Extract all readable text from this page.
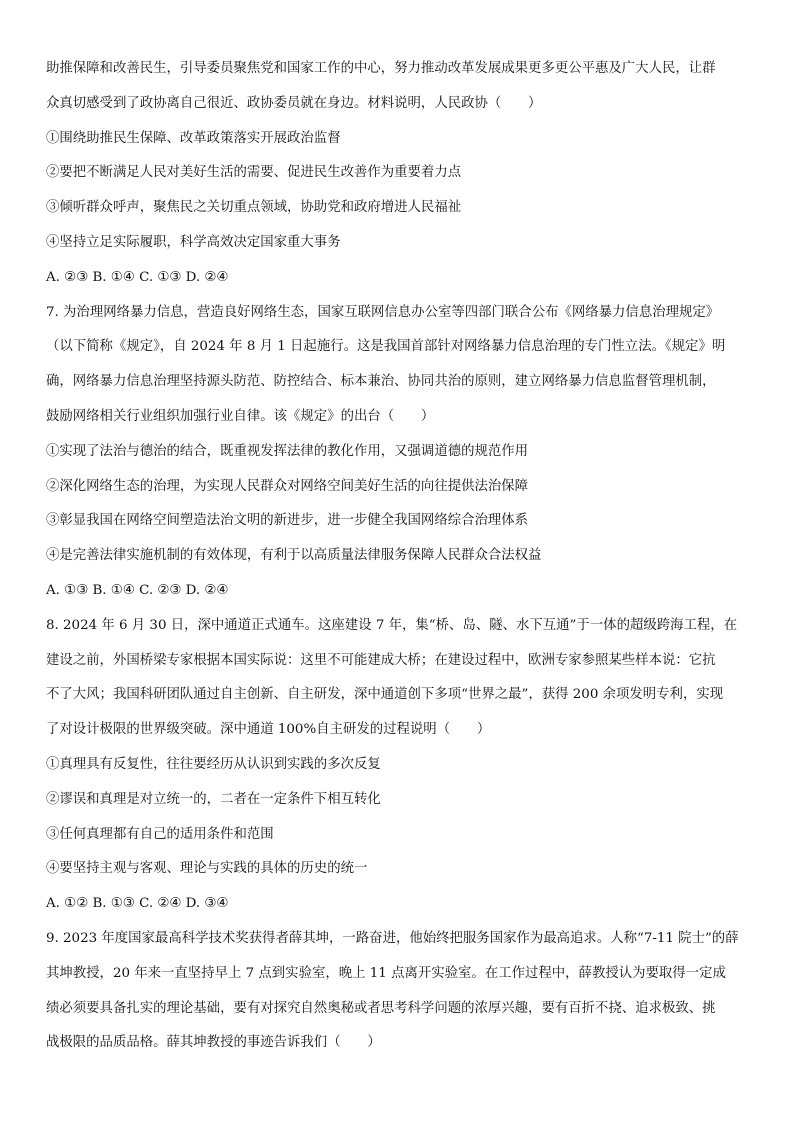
助推保障和改善民生，引导委员聚焦党和国家工作的中心，努力推动改革发展成果更多更公平惠及广大人民，让群
众真切感受到了政协离自己很近、政协委员就在身边。材料说明，人民政协（　　）

①围绕助推民生保障、改革政策落实开展政治监督
②要把不断满足人民对美好生活的需要、促进民生改善作为重要着力点
③倾听群众呼声，聚焦民之关切重点领域，协助党和政府增进人民福祉
④坚持立足实际履职，科学高效决定国家重大事务
A. ②③ B. ①④ C. ①③ D. ②④

7. 为治理网络暴力信息，营造良好网络生态，国家互联网信息办公室等四部门联合公布《网络暴力信息治理规定》
（以下简称《规定》，自 2024 年 8 月 1 日起施行。这是我国首部针对网络暴力信息治理的专门性立法。《规定》明
确，网络暴力信息治理坚持源头防范、防控结合、标本兼治、协同共治的原则，建立网络暴力信息监督管理机制，
鼓励网络相关行业组织加强行业自律。该《规定》的出台（　　）

①实现了法治与德治的结合，既重视发挥法律的教化作用，又强调道德的规范作用
②深化网络生态的治理，为实现人民群众对网络空间美好生活的向往提供法治保障
③彰显我国在网络空间塑造法治文明的新进步，进一步健全我国网络综合治理体系
④是完善法律实施机制的有效体现，有利于以高质量法律服务保障人民群众合法权益
A. ①③ B. ①④ C. ②③ D. ②④

8. 2024 年 6 月 30 日，深中通道正式通车。这座建设 7 年，集“桥、岛、隧、水下互通”于一体的超级跨海工程，在
建设之前，外国桥梁专家根据本国实际说：这里不可能建成大桥；在建设过程中，欧洲专家参照某些样本说：它抗
不了大风；我国科研团队通过自主创新、自主研发，深中通道创下多项“世界之最”，获得 200 余项发明专利，实现
了对设计极限的世界级突破。深中通道 100%自主研发的过程说明（　　）

①真理具有反复性，往往要经历从认识到实践的多次反复
②谬误和真理是对立统一的，二者在一定条件下相互转化
③任何真理都有自己的适用条件和范围
④要坚持主观与客观、理论与实践的具体的历史的统一
A. ①② B. ①③ C. ②④ D. ③④

9. 2023 年度国家最高科学技术奖获得者薛其坤，一路奋进，他始终把服务国家作为最高追求。人称“7-11 院士”的薛
其坤教授，20 年来一直坚持早上 7 点到实验室，晚上 11 点离开实验室。在工作过程中，薛教授认为要取得一定成
绩必须要具备扎实的理论基础，要有对探究自然奥秘或者思考科学问题的浓厚兴趣，要有百折不挠、追求极致、挑
战极限的品质品格。薛其坤教授的事迹告诉我们（　　）
